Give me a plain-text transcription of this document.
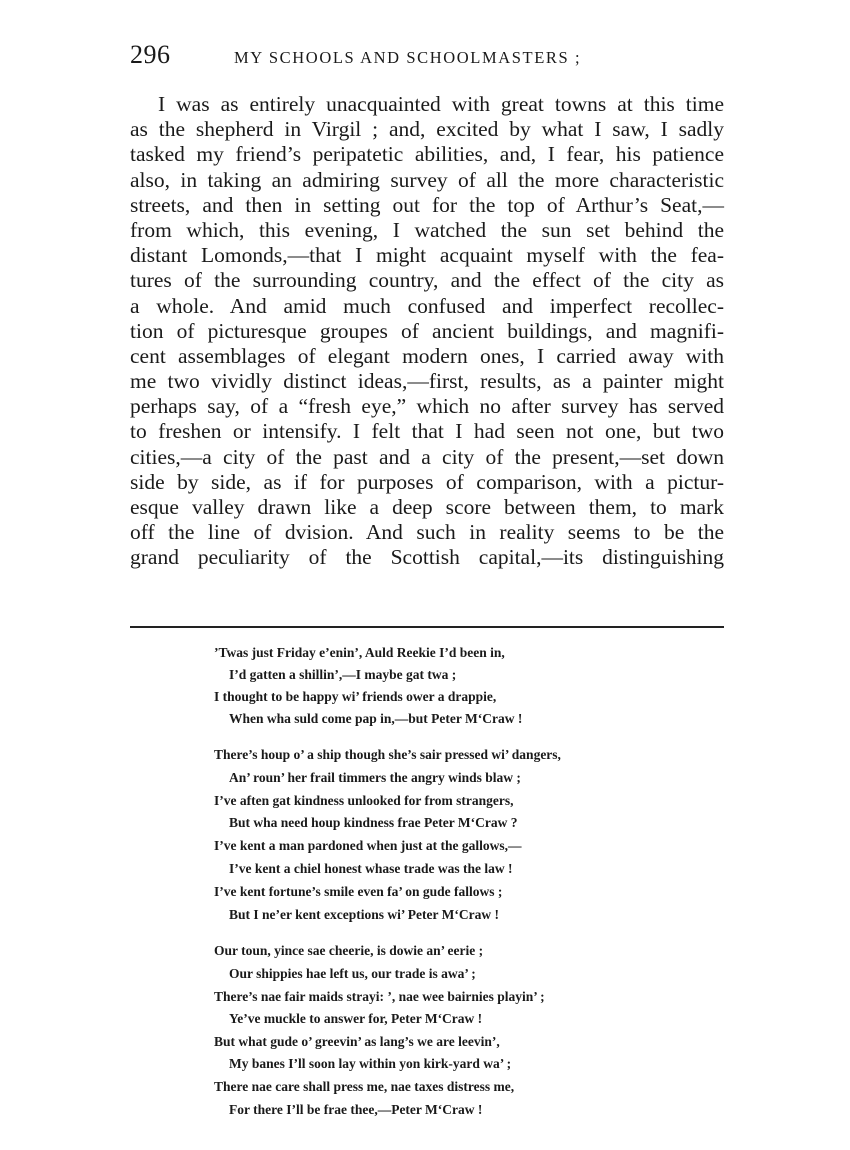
296	MY SCHOOLS AND SCHOOLMASTERS ;
I was as entirely unacquainted with great towns at this time
as the shepherd in Virgil ; and, excited by what I saw, I sadly
tasked my friend’s peripatetic abilities, and, I fear, his patience
also, in taking an admiring survey of all the more characteristic
streets, and then in setting out for the top of Arthur’s Seat,—
from which, this evening, I watched the sun set behind the
distant Lomonds,—that I might acquaint myself with the fea-
tures of the surrounding country, and the effect of the city as
a whole. And amid much confused and imperfect recollec-
tion of picturesque groupes of ancient buildings, and magnifi-
cent assemblages of elegant modern ones, I carried away with
me two vividly distinct ideas,—first, results, as a painter might
perhaps say, of a “fresh eye,” which no after survey has served
to freshen or intensify. I felt that I had seen not one, but two
cities,—a city of the past and a city of the present,—set down
side by side, as if for purposes of comparison, with a pictur-
esque valley drawn like a deep score between them, to mark
off the line of dvision. And such in reality seems to be the
grand peculiarity of the Scottish capital,—its distinguishing
’Twas just Friday e’enin’, Auld Reekie I’d been in,
I’d gatten a shillin’,—I maybe gat twa ;
I thought to be happy wi’ friends ower a drappie,
When wha suld come pap in,—but Peter M‘Craw !
There’s houp o’ a ship though she’s sair pressed wi’ dangers,
An’ roun’ her frail timmers the angry winds blaw ;
I’ve aften gat kindness unlooked for from strangers,
But wha need houp kindness frae Peter M‘Craw ?
I’ve kent a man pardoned when just at the gallows,—
I’ve kent a chiel honest whase trade was the law !
I’ve kent fortune’s smile even fa’ on gude fallows ;
But I ne’er kent exceptions wi’ Peter M‘Craw !
Our toun, yince sae cheerie, is dowie an’ eerie ;
Our shippies hae left us, our trade is awa’ ;
There’s nae fair maids strayi: ’, nae wee bairnies playin’ ;
Ye’ve muckle to answer for, Peter M‘Craw !
But what gude o’ greevin’ as lang’s we are leevin’,
My banes I’ll soon lay within yon kirk-yard wa’ ;
There nae care shall press me, nae taxes distress me,
For there I’ll be frae thee,—Peter M‘Craw !
